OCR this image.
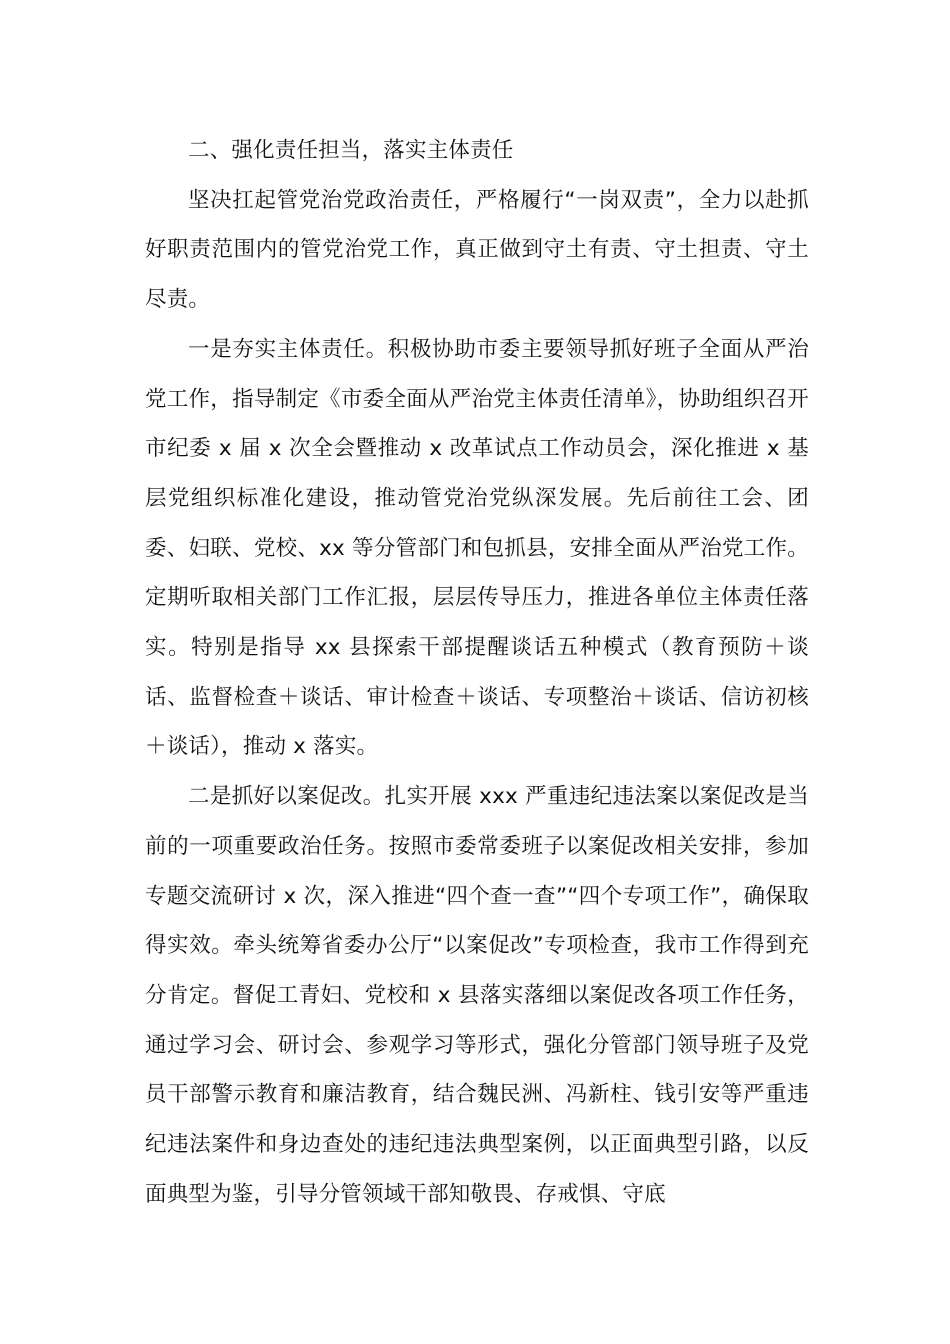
二、强化责任担当，落实主体责任

坚决扛起管党治党政治责任，严格履行“一岗双责”，全力以赴抓好职责范围内的管党治党工作，真正做到守土有责、守土担责、守土尽责。

一是夯实主体责任。积极协助市委主要领导抓好班子全面从严治党工作，指导制定《市委全面从严治党主体责任清单》，协助组织召开市纪委 x 届 x 次全会暨推动 x 改革试点工作动员会，深化推进 x 基层党组织标准化建设，推动管党治党纵深发展。先后前往工会、团委、妇联、党校、xx 等分管部门和包抓县，安排全面从严治党工作。定期听取相关部门工作汇报，层层传导压力，推进各单位主体责任落实。特别是指导 xx 县探索干部提醒谈话五种模式（教育预防＋谈话、监督检查＋谈话、审计检查＋谈话、专项整治＋谈话、信访初核＋谈话），推动 x 落实。

二是抓好以案促改。扎实开展 xxx 严重违纪违法案以案促改是当前的一项重要政治任务。按照市委常委班子以案促改相关安排，参加专题交流研讨 x 次，深入推进“四个查一查”“四个专项工作”，确保取得实效。牵头统筹省委办公厅“以案促改”专项检查，我市工作得到充分肯定。督促工青妇、党校和 x 县落实落细以案促改各项工作任务，通过学习会、研讨会、参观学习等形式，强化分管部门领导班子及党员干部警示教育和廉洁教育，结合魏民洲、冯新柱、钱引安等严重违纪违法案件和身边查处的违纪违法典型案例，以正面典型引路，以反面典型为鉴，引导分管领域干部知敬畏、存戒惧、守底
